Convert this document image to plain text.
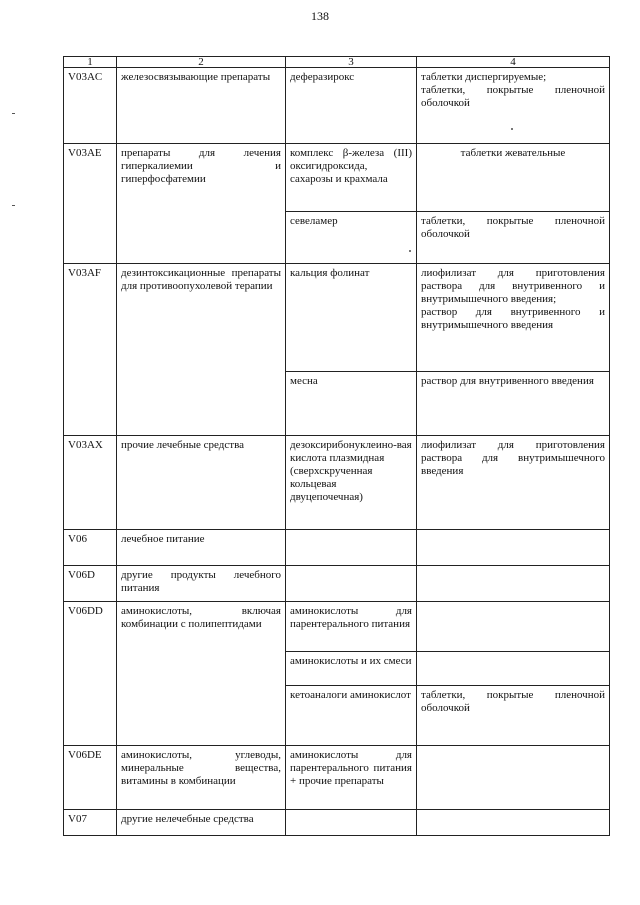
138
1	2	3	4
V03AC	железосвязывающие препараты	деферазирокс	таблетки диспергируемые;
таблетки, покрытые пленочной оболочкой

V03AE	препараты для лечения гиперкалиемии и гиперфосфатемии	комплекс β-железа (III) оксигидроксида, сахарозы и крахмала	таблетки жевательные

		севеламер	таблетки, покрытые пленочной оболочкой

V03AF	дезинтоксикационные препараты для противоопухолевой терапии	кальция фолинат	лиофилизат для приготовления раствора для внутривенного и внутримышечного введения;
раствор для внутривенного и внутримышечного введения

		месна	раствор для внутривенного введения

V03AX	прочие лечебные средства	дезоксирибонуклеино-вая кислота плазмидная (сверхскрученная кольцевая двуцепочечная)	лиофилизат для приготовления раствора для внутримышечного введения

V06	лечебное питание		
V06D	другие продукты лечебного питания		
V06DD	аминокислоты, включая комбинации с полипептидами	аминокислоты для парентерального питания	
		аминокислоты и их смеси	
		кетоаналоги аминокислот	таблетки, покрытые пленочной оболочкой

V06DE	аминокислоты, углеводы, минеральные вещества, витамины в комбинации	аминокислоты для парентерального питания + прочие препараты	
V07	другие нелечебные средства		
